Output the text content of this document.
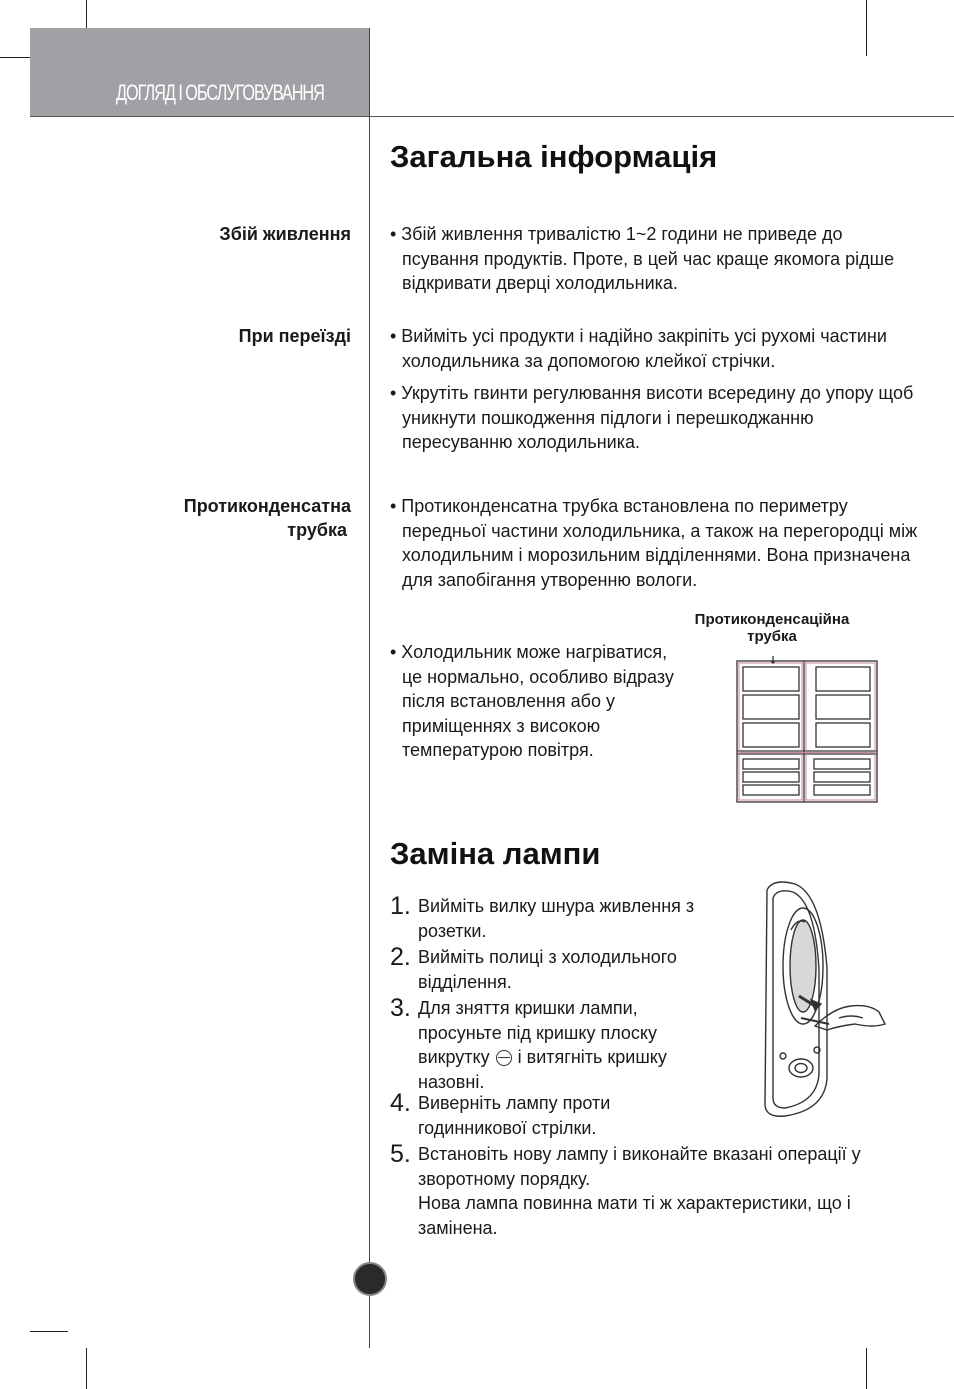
ДОГЛЯД І ОБСЛУГОВУВАННЯ
Загальна інформація
Збій живлення • Збій живлення тривалістю 1~2 години не приведе до псування продуктів. Проте, в цей час краще якомога рідше відкривати дверці холодильника.
При переїзді • Вийміть усі продукти і надійно закріпіть усі рухомі частини холодильника за допомогою клейкої стрічки.
• Укрутіть гвинти регулювання висоти всередину до упору щоб уникнути пошкодження підлоги і перешкоджанню пересуванню холодильника.
Протиконденсатна
трубка
• Протиконденсатна трубка встановлена по периметру передньої частини холодильника, а також на перегородці між холодильним і морозильним відділеннями. Вона призначена для запобігання утворенню вологи.
• Холодильник може нагріватися, це нормально, особливо відразу після встановлення або у приміщеннях з високою температурою повітря.
Протиконденсаційна
трубка
Заміна лампи
1. Вийміть вилку шнура живлення з розетки.
2. Вийміть полиці з холодильного відділення.
3. Для зняття кришки лампи, просуньте під кришку плоску викрутку і витягніть кришку назовні.
4. Виверніть лампу проти годинникової стрілки.
5. Встановіть нову лампу і виконайте вказані операції у зворотному порядку.
Нова лампа повинна мати ті ж характеристики, що і замінена.
